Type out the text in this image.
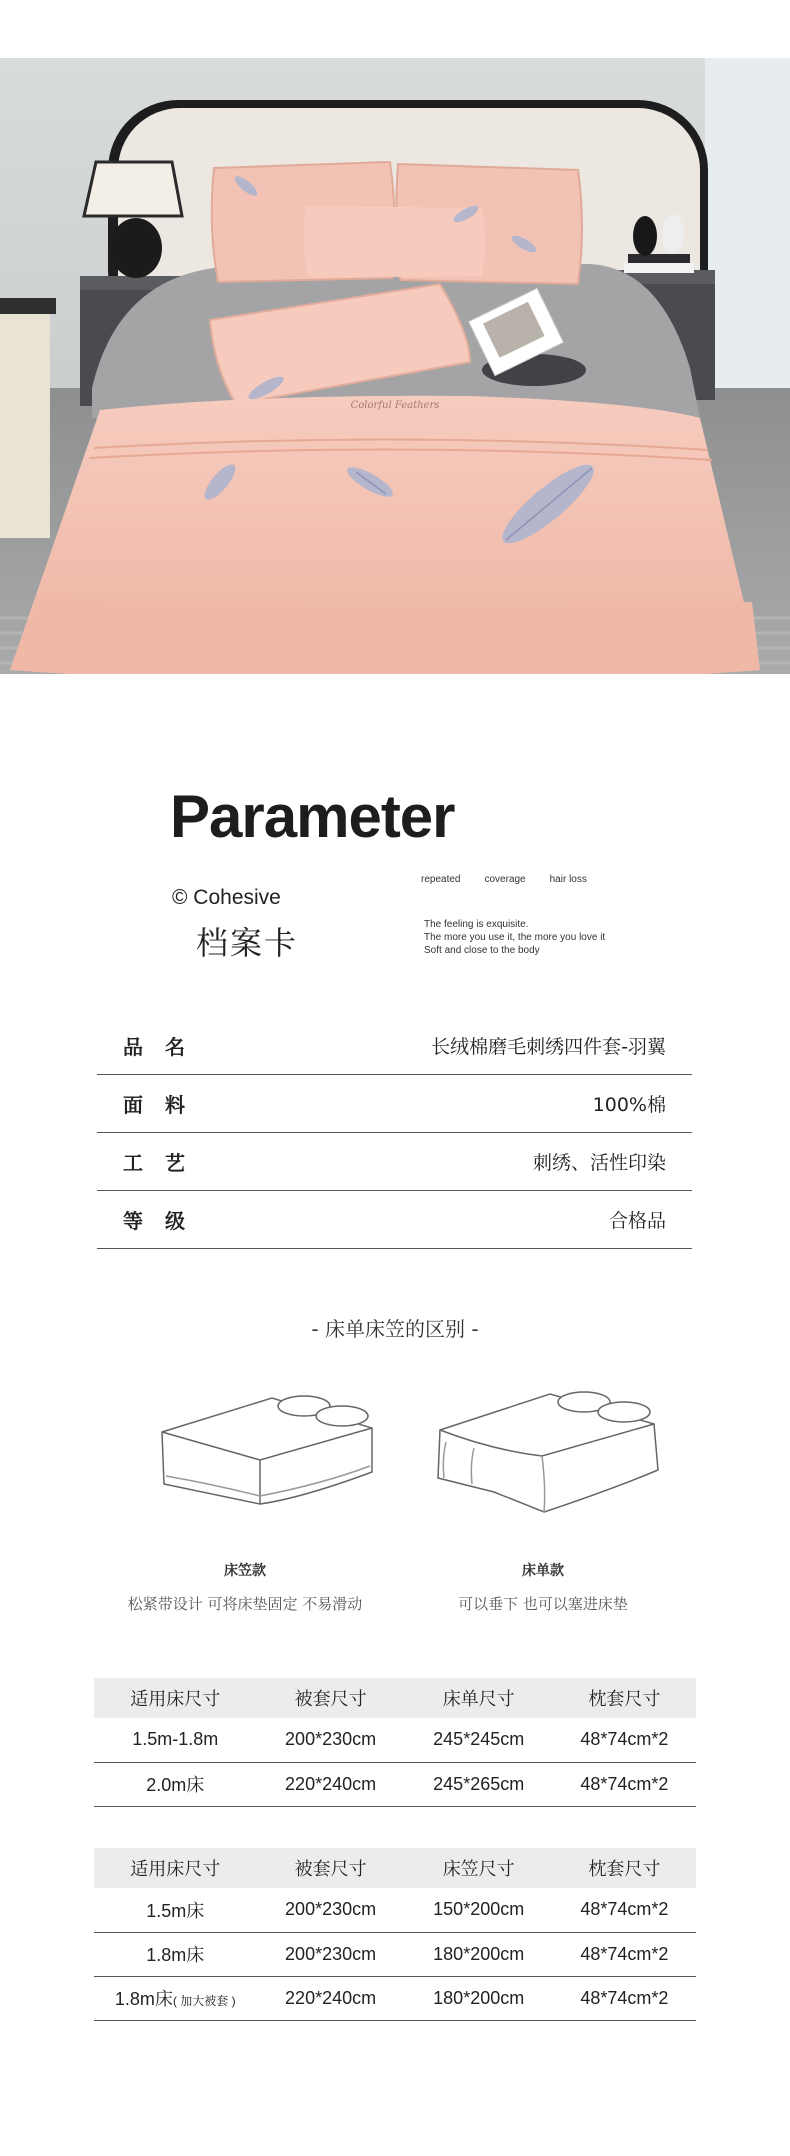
Colorful Feathers
Parameter
© Cohesive
档案卡
repeated coverage hair loss
The feeling is exquisite.
The more you use it, the more you love it
Soft and close to the body
品名	长绒棉磨毛刺绣四件套-羽翼
面料	100%棉
工艺	刺绣、活性印染
等级	合格品
- 床单床笠的区别 -
床笠款
松紧带设计 可将床垫固定 不易滑动
床单款
可以垂下 也可以塞进床垫
适用床尺寸	被套尺寸	床单尺寸	枕套尺寸
1.5m-1.8m	200*230cm	245*245cm	48*74cm*2
2.0m床	220*240cm	245*265cm	48*74cm*2
适用床尺寸	被套尺寸	床笠尺寸	枕套尺寸
1.5m床	200*230cm	150*200cm	48*74cm*2
1.8m床	200*230cm	180*200cm	48*74cm*2
1.8m床( 加大被套 )	220*240cm	180*200cm	48*74cm*2
